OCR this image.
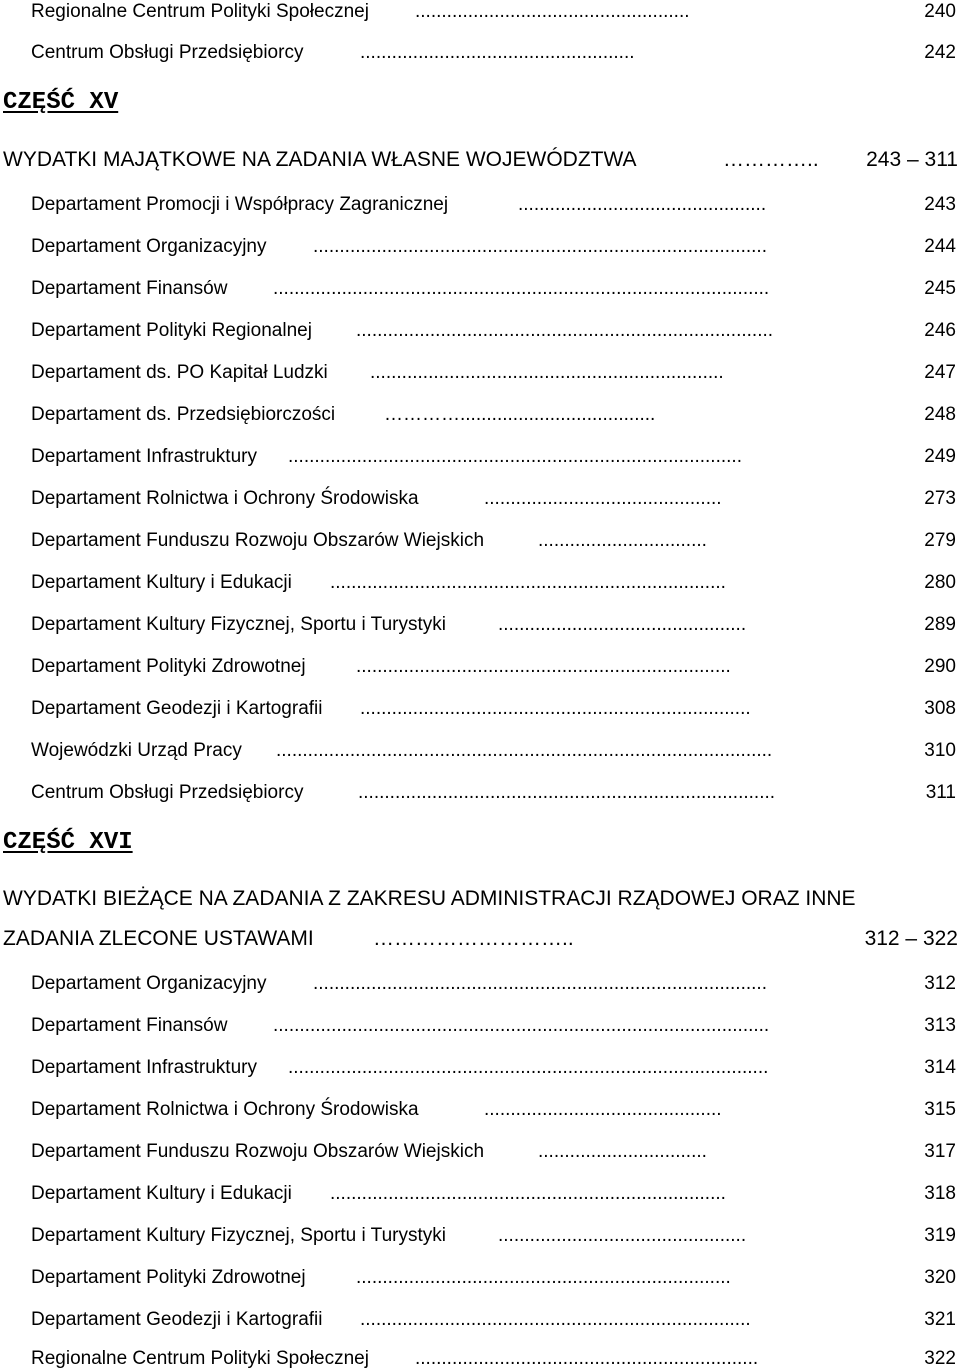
Regionalne Centrum Polityki Społecznej ....................................................	240
Centrum Obsługi Przedsiębiorcy	....................................................	242
CZĘŚĆ XV
WYDATKI MAJĄTKOWE NA ZADANIA WŁASNE WOJEWÓDZTWA	…………..	243 – 311
Departament Promocji i Współpracy Zagranicznej	...............................................	243
Departament Organizacyjny ......................................................................................	244
Departament Finansów ..............................................................................................	245
Departament Polityki Regionalnej ...............................................................................	246
Departament ds. PO Kapitał Ludzki ...................................................................	247
Departament ds. Przedsiębiorczości	………….....................................	248
Departament Infrastruktury ......................................................................................	249
Departament Rolnictwa i Ochrony Środowiska	.............................................	273
Departament Funduszu Rozwoju Obszarów Wiejskich	................................	279
Departament Kultury i Edukacji ...........................................................................	280
Departament Kultury Fizycznej, Sportu i Turystyki	...............................................	289
Departament Polityki Zdrowotnej	.......................................................................	290
Departament Geodezji i Kartografii ..........................................................................	308
Wojewódzki Urząd Pracy ..............................................................................................	310
Centrum Obsługi Przedsiębiorcy	...............................................................................	311
CZĘŚĆ XVI
WYDATKI BIEŻĄCE NA ZADANIA Z ZAKRESU ADMINISTRACJI RZĄDOWEJ ORAZ INNE
ZADANIA ZLECONE USTAWAMI	………………………..	312 – 322
Departament Organizacyjny ......................................................................................	312
Departament Finansów ..............................................................................................	313
Departament Infrastruktury ...........................................................................................	314
Departament Rolnictwa i Ochrony Środowiska	.............................................	315
Departament Funduszu Rozwoju Obszarów Wiejskich	................................	317
Departament Kultury i Edukacji ...........................................................................	318
Departament Kultury Fizycznej, Sportu i Turystyki	...............................................	319
Departament Polityki Zdrowotnej	.......................................................................	320
Departament Geodezji i Kartografii ..........................................................................	321
Regionalne Centrum Polityki Społecznej .................................................................	322
